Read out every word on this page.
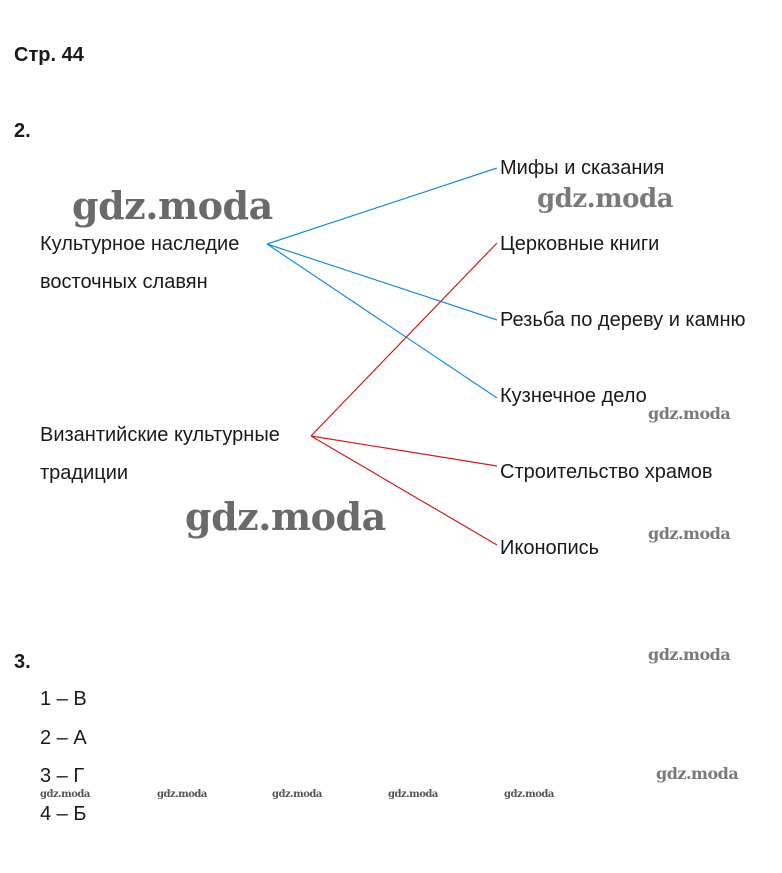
Стр. 44
2.
Культурное наследие
восточных славян
Византийские культурные
традиции
Мифы и сказания
Церковные книги
Резьба по дереву и камню
Кузнечное дело
Строительство храмов
Иконопись
3.
1 – В
2 – А
3 – Г
4 – Б
gdz.moda	gdz.moda
gdz.moda
gdz.moda
gdz.moda
gdz.moda
gdz.moda
gdz.moda	gdz.moda	gdz.moda	gdz.moda	gdz.moda
